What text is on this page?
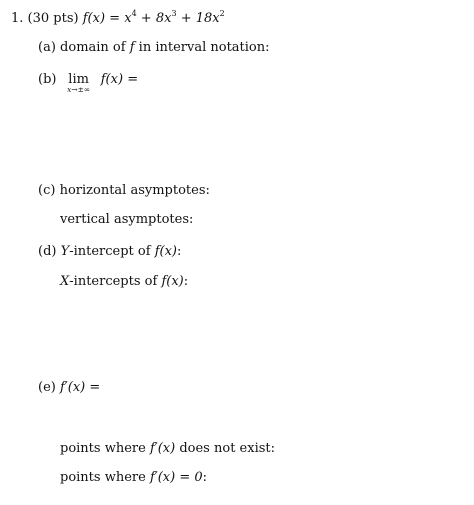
1. (30 pts) $f(x) = x^4 + 8x^3 + 18x^2$
(a) domain of f in interval notation:
(b) lim
x→±∞
f(x) =
(c) horizontal asymptotes:
vertical asymptotes:
(d) Y-intercept of f(x):
X-intercepts of f(x):
(e) f′(x) =
points where f′(x) does not exist:
points where f′(x) = 0:
